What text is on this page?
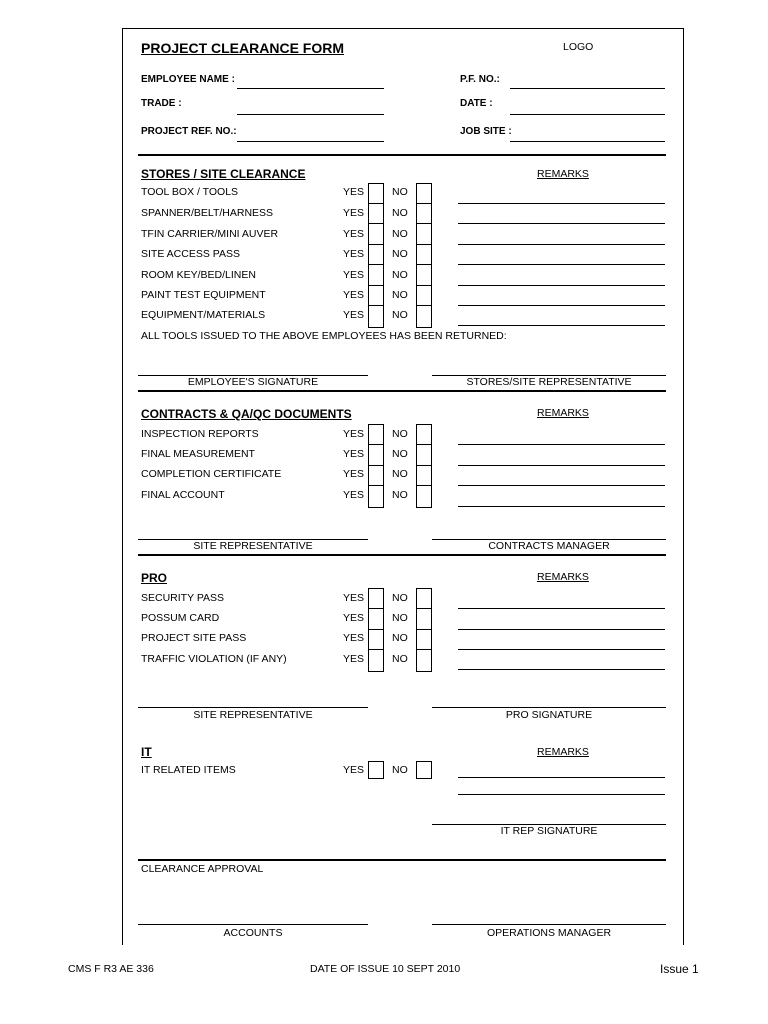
PROJECT CLEARANCE FORM	LOGO
EMPLOYEE NAME :	P.F. NO.:
TRADE :	DATE :
PROJECT REF. NO.:	JOB SITE :
STORES / SITE CLEARANCE	REMARKS
TOOL BOX / TOOLS	YES	NO
SPANNER/BELT/HARNESS	YES	NO
TFIN CARRIER/MINI AUVER	YES	NO
SITE ACCESS PASS	YES	NO
ROOM KEY/BED/LINEN	YES	NO
PAINT TEST EQUIPMENT	YES	NO
EQUIPMENT/MATERIALS	YES	NO
ALL TOOLS ISSUED TO THE ABOVE EMPLOYEES HAS BEEN RETURNED:
EMPLOYEE'S SIGNATURE	STORES/SITE REPRESENTATIVE
CONTRACTS & QA/QC DOCUMENTS	REMARKS
INSPECTION REPORTS	YES	NO
FINAL MEASUREMENT	YES	NO
COMPLETION CERTIFICATE	YES	NO
FINAL ACCOUNT	YES	NO
SITE REPRESENTATIVE	CONTRACTS MANAGER
PRO	REMARKS
SECURITY PASS	YES	NO
POSSUM CARD	YES	NO
PROJECT SITE PASS	YES	NO
TRAFFIC VIOLATION (IF ANY)	YES	NO
SITE REPRESENTATIVE	PRO SIGNATURE
IT	REMARKS
IT RELATED ITEMS	YES	NO
IT REP SIGNATURE
CLEARANCE APPROVAL
ACCOUNTS	OPERATIONS MANAGER
CMS F R3 AE 336	DATE OF ISSUE 10 SEPT 2010	Issue 1
